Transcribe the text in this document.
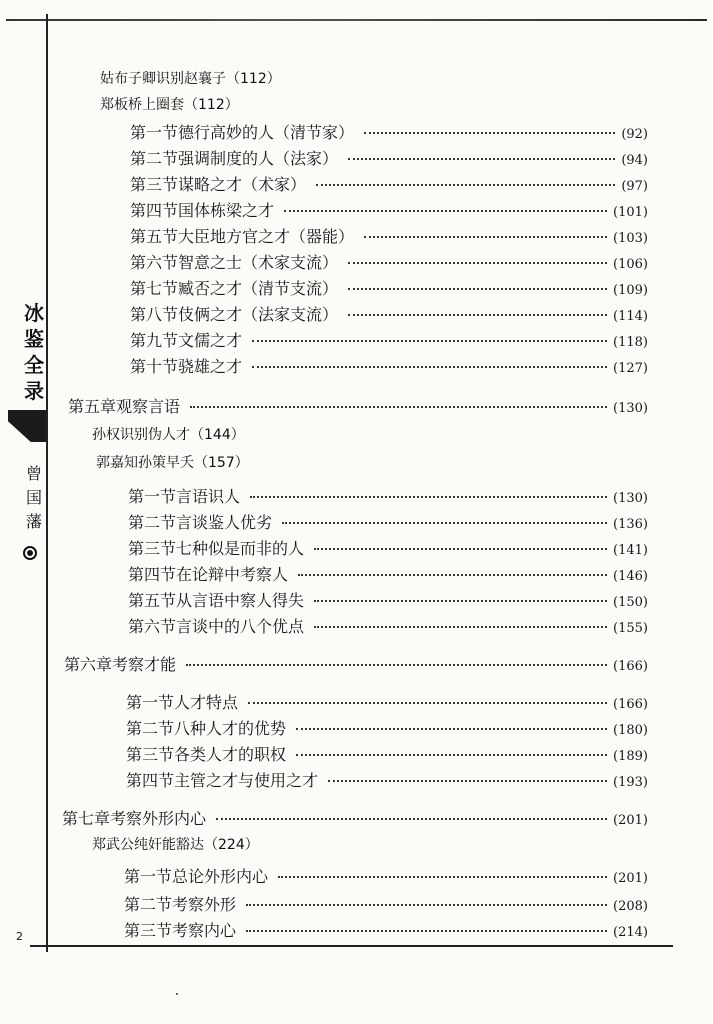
冰
鉴
全
录
曾
国
藩
2
姑布子卿识别赵襄子（112）
郑板桥上圈套（112）
第一节 德行高妙的人（清节家）	(92)
第二节 强调制度的人（法家）	(94)
第三节 谋略之才（术家）	(97)
第四节 国体栋梁之才	(101)
第五节 大臣地方官之才（器能）	(103)
第六节 智意之士（术家支流）	(106)
第七节 臧否之才（清节支流）	(109)
第八节 伎俩之才（法家支流）	(114)
第九节 文儒之才	(118)
第十节 骁雄之才	(127)
第五章 观察言语	(130)
孙权识别伪人才（144）
郭嘉知孙策早夭（157）
第一节 言语识人	(130)
第二节 言谈鉴人优劣	(136)
第三节 七种似是而非的人	(141)
第四节 在论辩中考察人	(146)
第五节 从言语中察人得失	(150)
第六节 言谈中的八个优点	(155)
第六章 考察才能	(166)
第一节 人才特点	(166)
第二节 八种人才的优势	(180)
第三节 各类人才的职权	(189)
第四节 主管之才与使用之才	(193)
第七章 考察外形内心	(201)
郑武公纯奸能豁达（224）
第一节 总论外形内心	(201)
第二节 考察外形	(208)
第三节 考察内心	(214)
